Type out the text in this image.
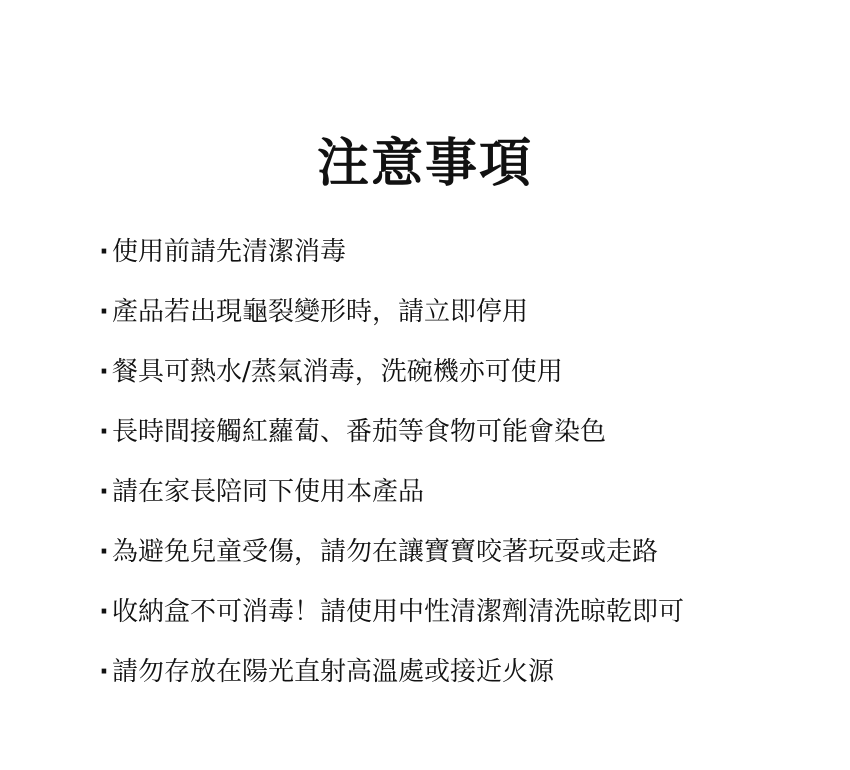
注意事項
· 使用前請先清潔消毒
· 產品若出現龜裂變形時，請立即停用
· 餐具可熱水/蒸氣消毒，洗碗機亦可使用
· 長時間接觸紅蘿蔔、番茄等食物可能會染色
· 請在家長陪同下使用本產品
· 為避免兒童受傷，請勿在讓寶寶咬著玩耍或走路
· 收納盒不可消毒！請使用中性清潔劑清洗晾乾即可
· 請勿存放在陽光直射高溫處或接近火源
